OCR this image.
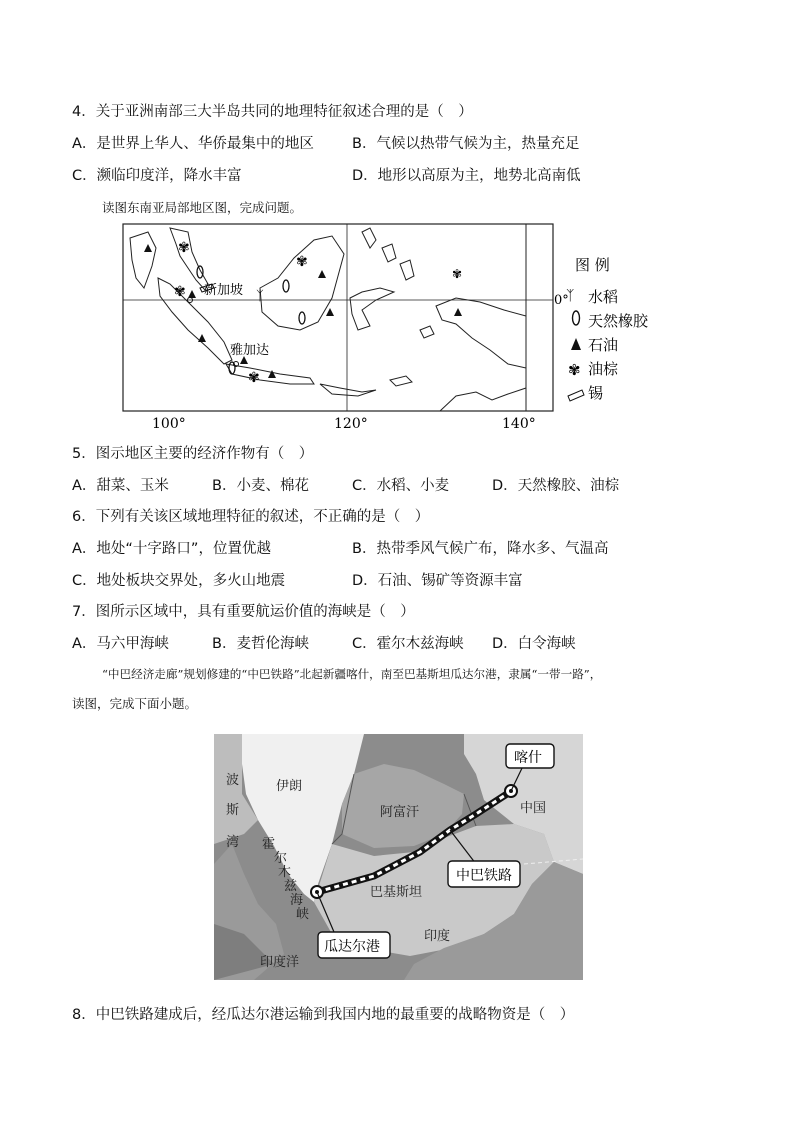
4．关于亚洲南部三大半岛共同的地理特征叙述合理的是（　）
A．是世界上华人、华侨最集中的地区	B．气候以热带气候为主，热量充足
C．濒临印度洋，降水丰富	D．地形以高原为主，地势北高南低
读图东南亚局部地区图，完成问题。
✾
✾
✾
✾
✾
ᛉ
新加坡
雅加达
100°	120°	140°
0°
图 例
ᛉ 水稻
天然橡胶
石油
✾ 油棕
锡
5．图示地区主要的经济作物有（　）
A．甜菜、玉米	B．小麦、棉花	C．水稻、小麦	D．天然橡胶、油棕
6．下列有关该区域地理特征的叙述，不正确的是（　）
A．地处“十字路口”，位置优越	B．热带季风气候广布，降水多、气温高
C．地处板块交界处，多火山地震	D．石油、锡矿等资源丰富
7．图所示区域中，具有重要航运价值的海峡是（　）
A．马六甲海峡	B．麦哲伦海峡	C．霍尔木兹海峡 D．白令海峡
“中巴经济走廊”规划修建的“中巴铁路”北起新疆喀什，南至巴基斯坦瓜达尔港，隶属“一带一路”，
读图，完成下面小题。
喀什
中巴铁路
瓜达尔港
伊朗
阿富汗	中国
巴基斯坦
印度
印度洋
波
斯
湾 霍
尔
木
兹
海
峡
8．中巴铁路建成后，经瓜达尔港运输到我国内地的最重要的战略物资是（　）
